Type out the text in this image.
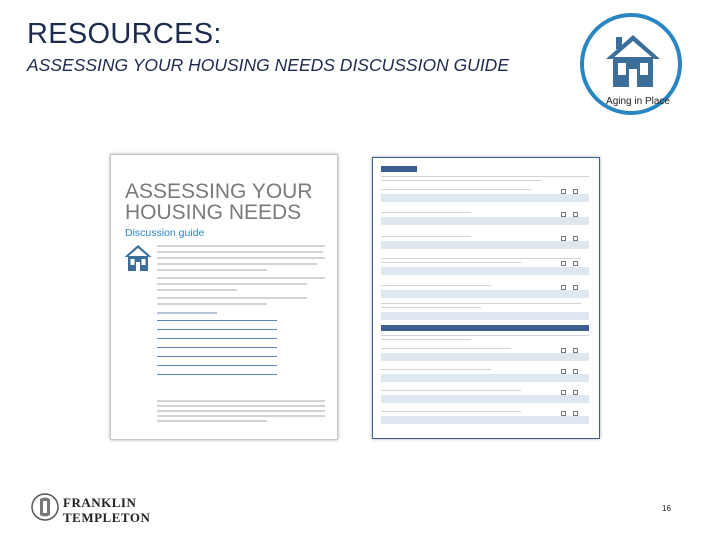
RESOURCES:
ASSESSING YOUR HOUSING NEEDS DISCUSSION GUIDE
Aging in Place
ASSESSING YOUR
HOUSING NEEDS
Discussion guide
FRANKLIN
TEMPLETON
16
